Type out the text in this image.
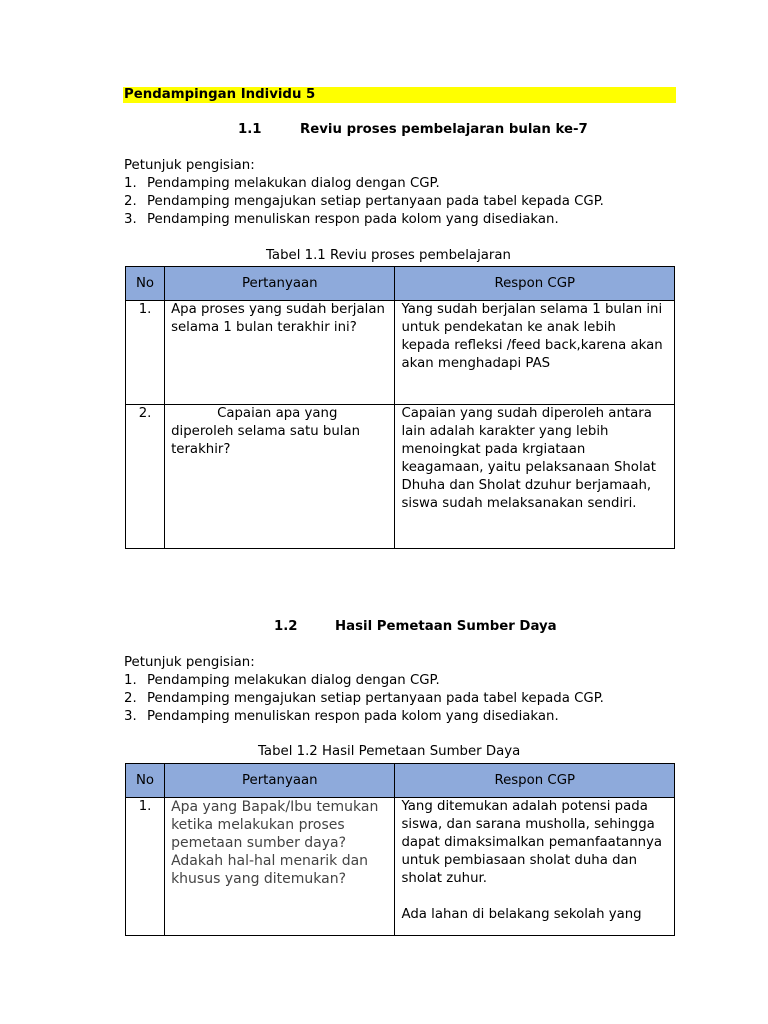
Pendampingan Individu 5
1.1	Reviu proses pembelajaran bulan ke-7
Petunjuk pengisian:
1. Pendamping melakukan dialog dengan CGP.
2. Pendamping mengajukan setiap pertanyaan pada tabel kepada CGP.
3. Pendamping menuliskan respon pada kolom yang disediakan.
Tabel 1.1 Reviu proses pembelajaran
No	Pertanyaan	Respon CGP
1.	Apa proses yang sudah berjalan selama 1 bulan terakhir ini?	Yang sudah berjalan selama 1 bulan ini untuk pendekatan ke anak lebih kepada refleksi /feed back,karena akan akan menghadapi PAS
2.	Capaian apa yang diperoleh selama satu bulan terakhir?	Capaian yang sudah diperoleh antara lain adalah karakter yang lebih menoingkat pada krgiataan keagamaan, yaitu pelaksanaan Sholat Dhuha dan Sholat dzuhur berjamaah, siswa sudah melaksanakan sendiri.
1.2	Hasil Pemetaan Sumber Daya
Petunjuk pengisian:
1. Pendamping melakukan dialog dengan CGP.
2. Pendamping mengajukan setiap pertanyaan pada tabel kepada CGP.
3. Pendamping menuliskan respon pada kolom yang disediakan.
Tabel 1.2 Hasil Pemetaan Sumber Daya
No	Pertanyaan	Respon CGP
1.	Apa yang Bapak/Ibu temukan ketika melakukan proses pemetaan sumber daya? Adakah hal-hal menarik dan khusus yang ditemukan?	Yang ditemukan adalah potensi pada siswa, dan sarana musholla, sehingga dapat dimaksimalkan pemanfaatannya untuk pembiasaan sholat duha dan sholat zuhur.
Ada lahan di belakang sekolah yang
